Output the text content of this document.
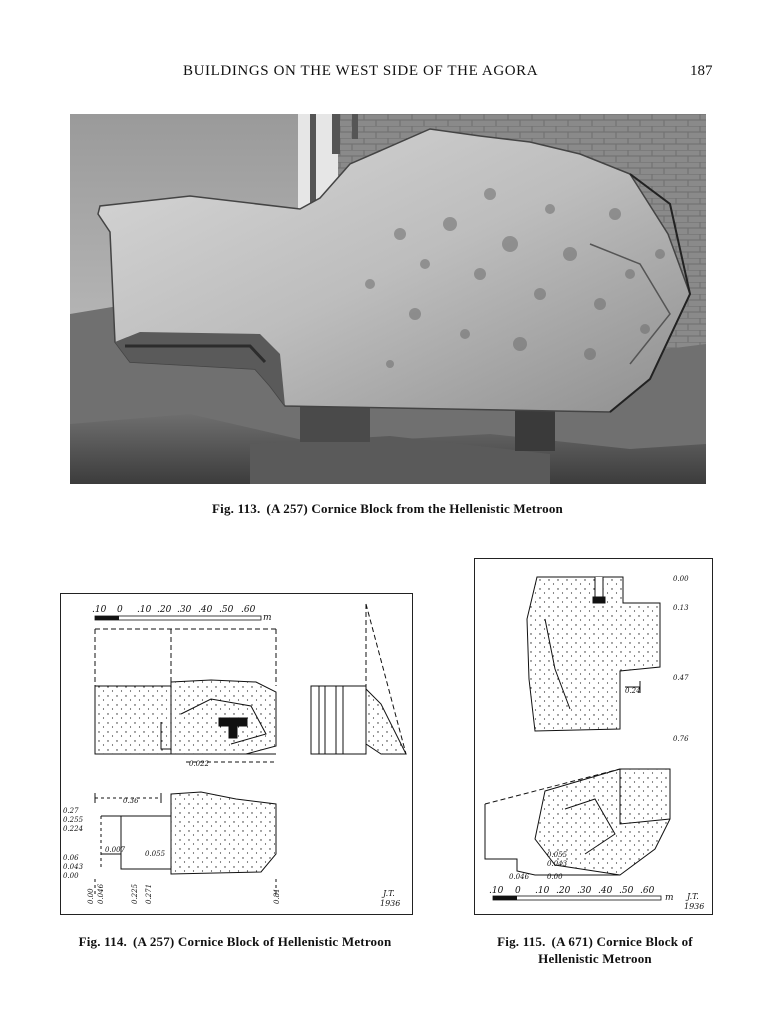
BUILDINGS ON THE WEST SIDE OF THE AGORA	187
Fig. 113. (A 257) Cornice Block from the Hellenistic Metroon
.10 0 .10 .20 .30 .40 .50 .60
m
0.022
0.36
0.27
0.255
0.224
0.06
0.043
0.00
0.007	0.055
0.00 0.046	0.225 0.271	0.81	J.T.
1936
Fig. 114. (A 257) Cornice Block of Hellenistic Metroon
0.00
0.13
0.47
0.76
0.24
0.055
0.043
0.046	0.00
.10 0 .10 .20 .30 .40 .50 .60
m J.T.
1936
Fig. 115. (A 671) Cornice Block of Hellenistic Metroon
